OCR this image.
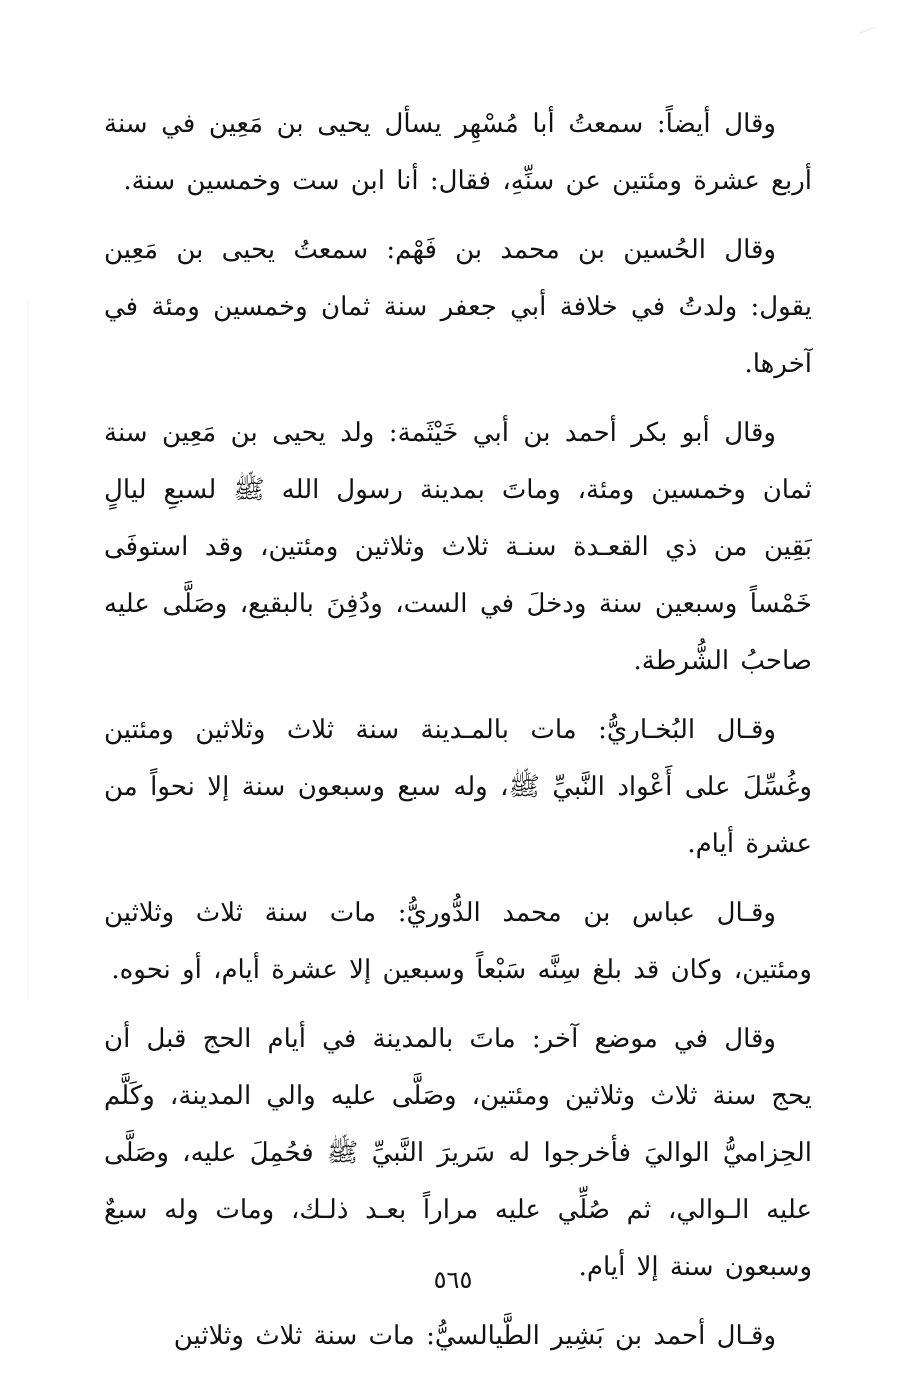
وقال أيضاً: سمعتُ أبا مُسْهِر يسأل يحيى بن مَعِين في سنة أربع عشرة ومئتين عن سنِّهِ، فقال: أنا ابن ست وخمسين سنة.

وقال الحُسين بن محمد بن فَهْم: سمعتُ يحيى بن مَعِين يقول: ولدتُ في خلافة أبي جعفر سنة ثمان وخمسين ومئة في آخرها.

وقال أبو بكر أحمد بن أبي خَيْثَمة: ولد يحيى بن مَعِين سنة ثمان وخمسين ومئة، وماتَ بمدينة رسول الله ﷺ لسبعِ ليالٍ بَقِين من ذي القعـدة سنـة ثلاث وثلاثين ومئتين، وقد استوفَى خَمْساً وسبعين سنة ودخلَ في الست، ودُفِنَ بالبقيع، وصَلَّى عليه صاحبُ الشُّرطة.

وقـال البُخـاريُّ: مات بالمـدينة سنة ثلاث وثلاثين ومئتين وغُسِّلَ على أَعْواد النَّبيِّ ﷺ، وله سبع وسبعون سنة إلا نحواً من عشرة أيام.

وقـال عباس بن محمد الدُّوريُّ: مات سنة ثلاث وثلاثين ومئتين، وكان قد بلغ سِنَّه سَبْعاً وسبعين إلا عشرة أيام، أو نحوه.

وقال في موضع آخر: ماتَ بالمدينة في أيام الحج قبل أن يحج سنة ثلاث وثلاثين ومئتين، وصَلَّى عليه والي المدينة، وكَلَّم الحِزاميُّ الواليَ فأخرجوا له سَريرَ النَّبيِّ ﷺ فحُمِلَ عليه، وصَلَّى عليه الـوالي، ثم صُلِّي عليه مراراً بعـد ذلـك، ومات وله سبعٌ وسبعون سنة إلا أيام.

وقـال أحمد بن بَشِير الطَّيالسيُّ: مات سنة ثلاث وثلاثين

٥٦٥
